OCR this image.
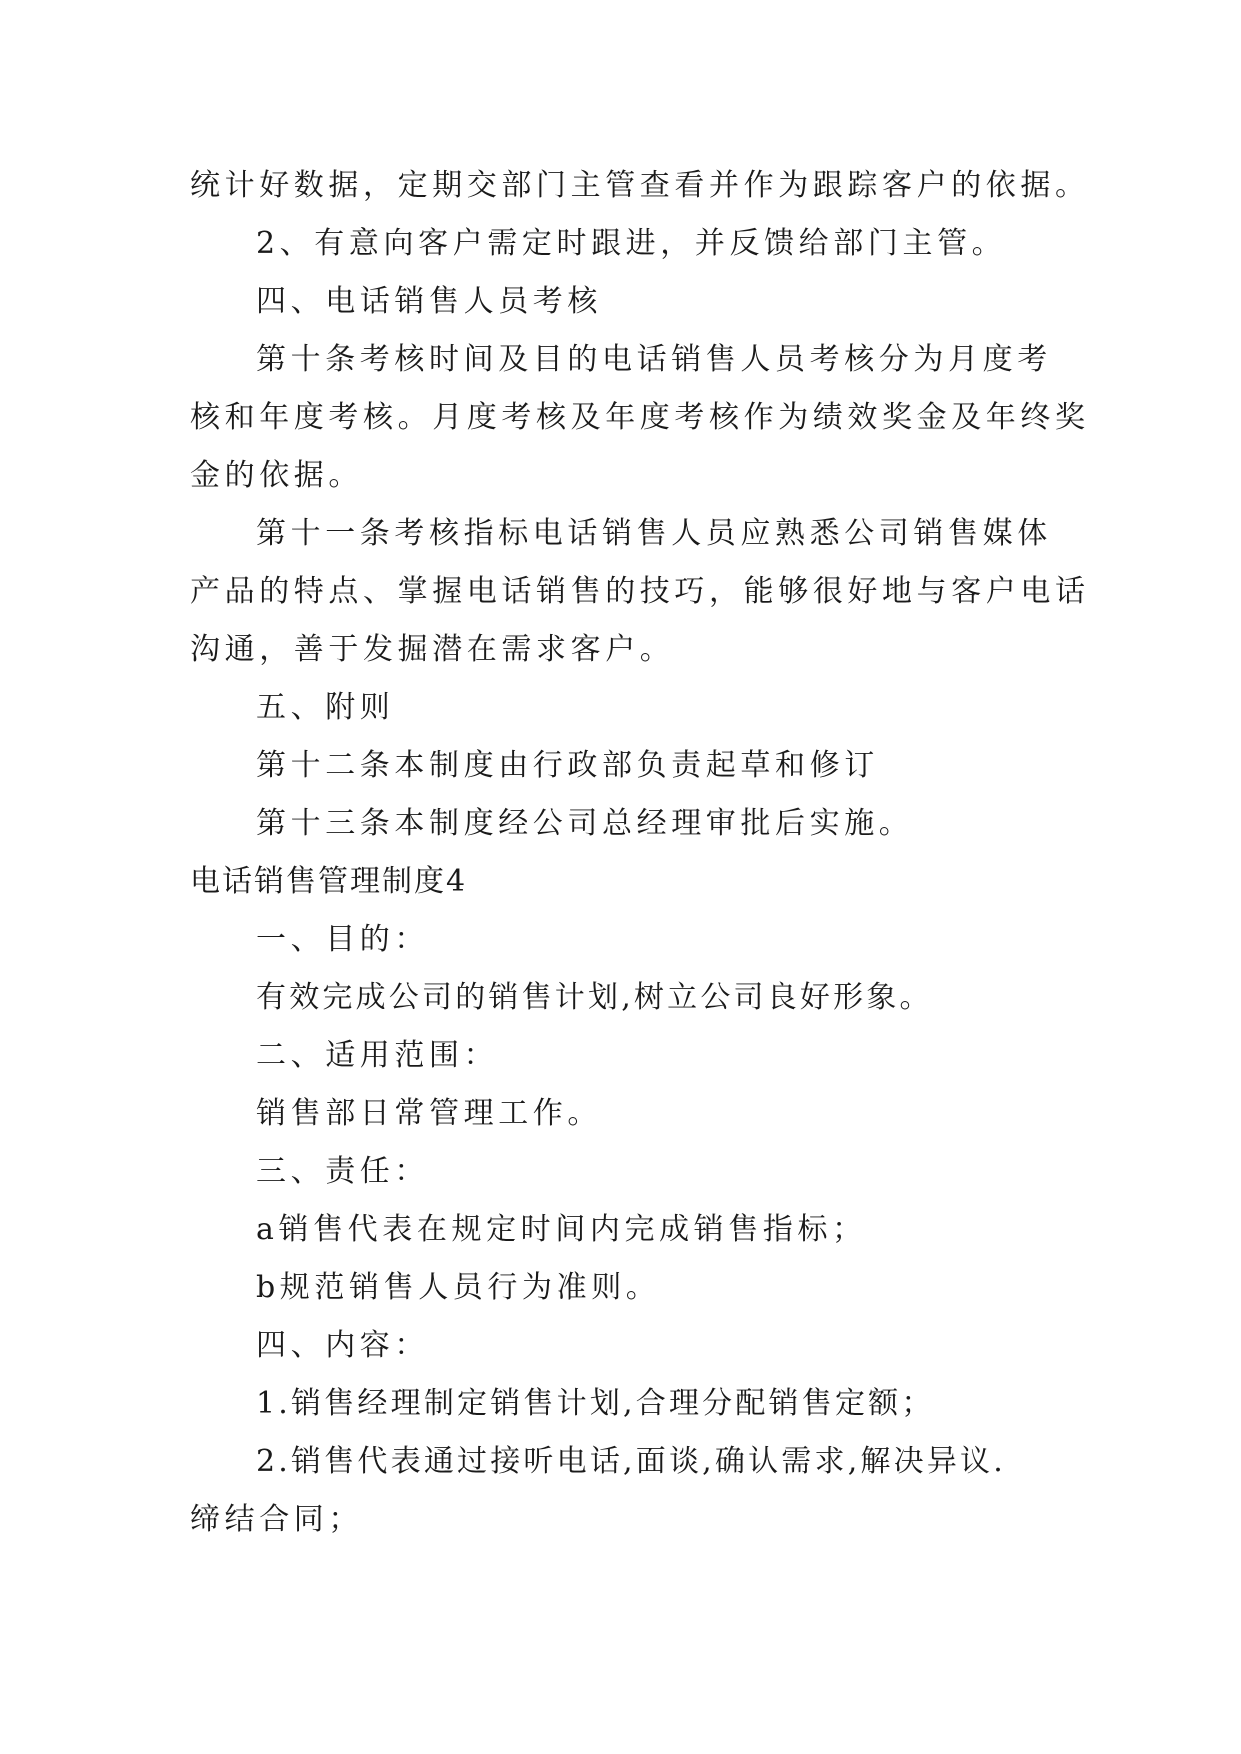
统计好数据，定期交部门主管查看并作为跟踪客户的依据。
2、有意向客户需定时跟进，并反馈给部门主管。
四、电话销售人员考核
第十条考核时间及目的电话销售人员考核分为月度考
核和年度考核。月度考核及年度考核作为绩效奖金及年终奖
金的依据。
第十一条考核指标电话销售人员应熟悉公司销售媒体
产品的特点、掌握电话销售的技巧，能够很好地与客户电话
沟通，善于发掘潜在需求客户。
五、附则
第十二条本制度由行政部负责起草和修订
第十三条本制度经公司总经理审批后实施。
电话销售管理制度4
一、目的：
有效完成公司的销售计划,树立公司良好形象。
二、适用范围：
销售部日常管理工作。
三、责任：
a销售代表在规定时间内完成销售指标；
b规范销售人员行为准则。
四、内容：
1.销售经理制定销售计划,合理分配销售定额；
2.销售代表通过接听电话,面谈,确认需求,解决异议.
缔结合同；
